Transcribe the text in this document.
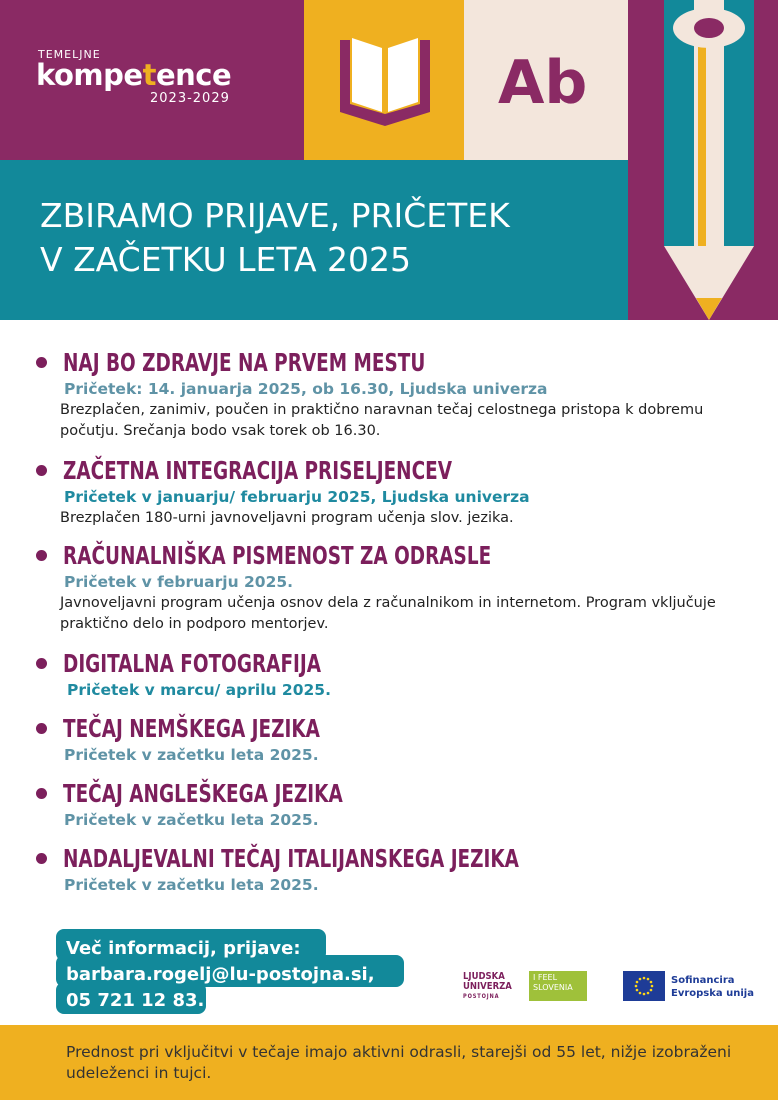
TEMELJNE
kompetence
2023-2029	Ab
ZBIRAMO PRIJAVE, PRIČETEK
V ZAČETKU LETA 2025
NAJ BO ZDRAVJE NA PRVEM MESTU
Pričetek: 14. januarja 2025, ob 16.30, Ljudska univerza
Brezplačen, zanimiv, poučen in praktično naravnan tečaj celostnega pristopa k dobremu počutju. Srečanja bodo vsak torek ob 16.30.
ZAČETNA INTEGRACIJA PRISELJENCEV
Pričetek v januarju/ februarju 2025, Ljudska univerza
Brezplačen 180-urni javnoveljavni program učenja slov. jezika.
RAČUNALNIŠKA PISMENOST ZA ODRASLE
Pričetek v februarju 2025.
Javnoveljavni program učenja osnov dela z računalnikom in internetom. Program vključuje praktično delo in podporo mentorjev.
DIGITALNA FOTOGRAFIJA
Pričetek v marcu/ aprilu 2025.
TEČAJ NEMŠKEGA JEZIKA
Pričetek v začetku leta 2025.
TEČAJ ANGLEŠKEGA JEZIKA
Pričetek v začetku leta 2025.
NADALJEVALNI TEČAJ ITALIJANSKEGA JEZIKA
Pričetek v začetku leta 2025.
Več informacij, prijave:
barbara.rogelj@lu-postojna.si,
05 721 12 83.
LJUDSKA
UNIVERZA
POSTOJNA
I FEEL
SLOVENIA
Sofinancira
Evropska unija
Prednost pri vključitvi v tečaje imajo aktivni odrasli, starejši od 55 let, nižje izobraženi udeleženci in tujci.
